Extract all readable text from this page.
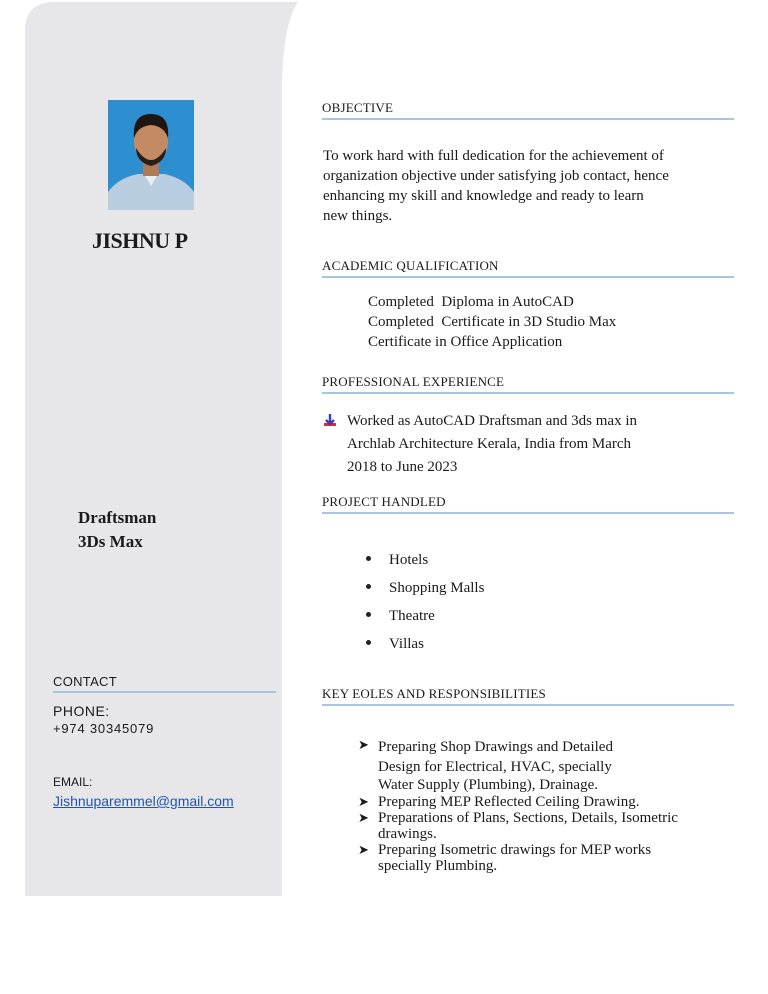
JISHNU P
Draftsman
3Ds Max
CONTACT
PHONE:
+974 30345079
EMAIL:
Jishnuparemmel@gmail.com
OBJECTIVE
To work hard with full dedication for the achievement of
organization objective under satisfying job contact, hence
enhancing my skill and knowledge and ready to learn
new things.
ACADEMIC QUALIFICATION
Completed  Diploma in AutoCAD
Completed  Certificate in 3D Studio Max
Certificate in Office Application
PROFESSIONAL EXPERIENCE
Worked as AutoCAD Draftsman and 3ds max in
Archlab Architecture Kerala, India from March
2018 to June 2023
PROJECT HANDLED
Hotels
Shopping Malls
Theatre
Villas
KEY EOLES AND RESPONSIBILITIES
➤ Preparing Shop Drawings and Detailed
Design for Electrical, HVAC, specially
Water Supply (Plumbing), Drainage.
➤ Preparing MEP Reflected Ceiling Drawing.
➤ Preparations of Plans, Sections, Details, Isometric
drawings.
➤ Preparing Isometric drawings for MEP works
specially Plumbing.
